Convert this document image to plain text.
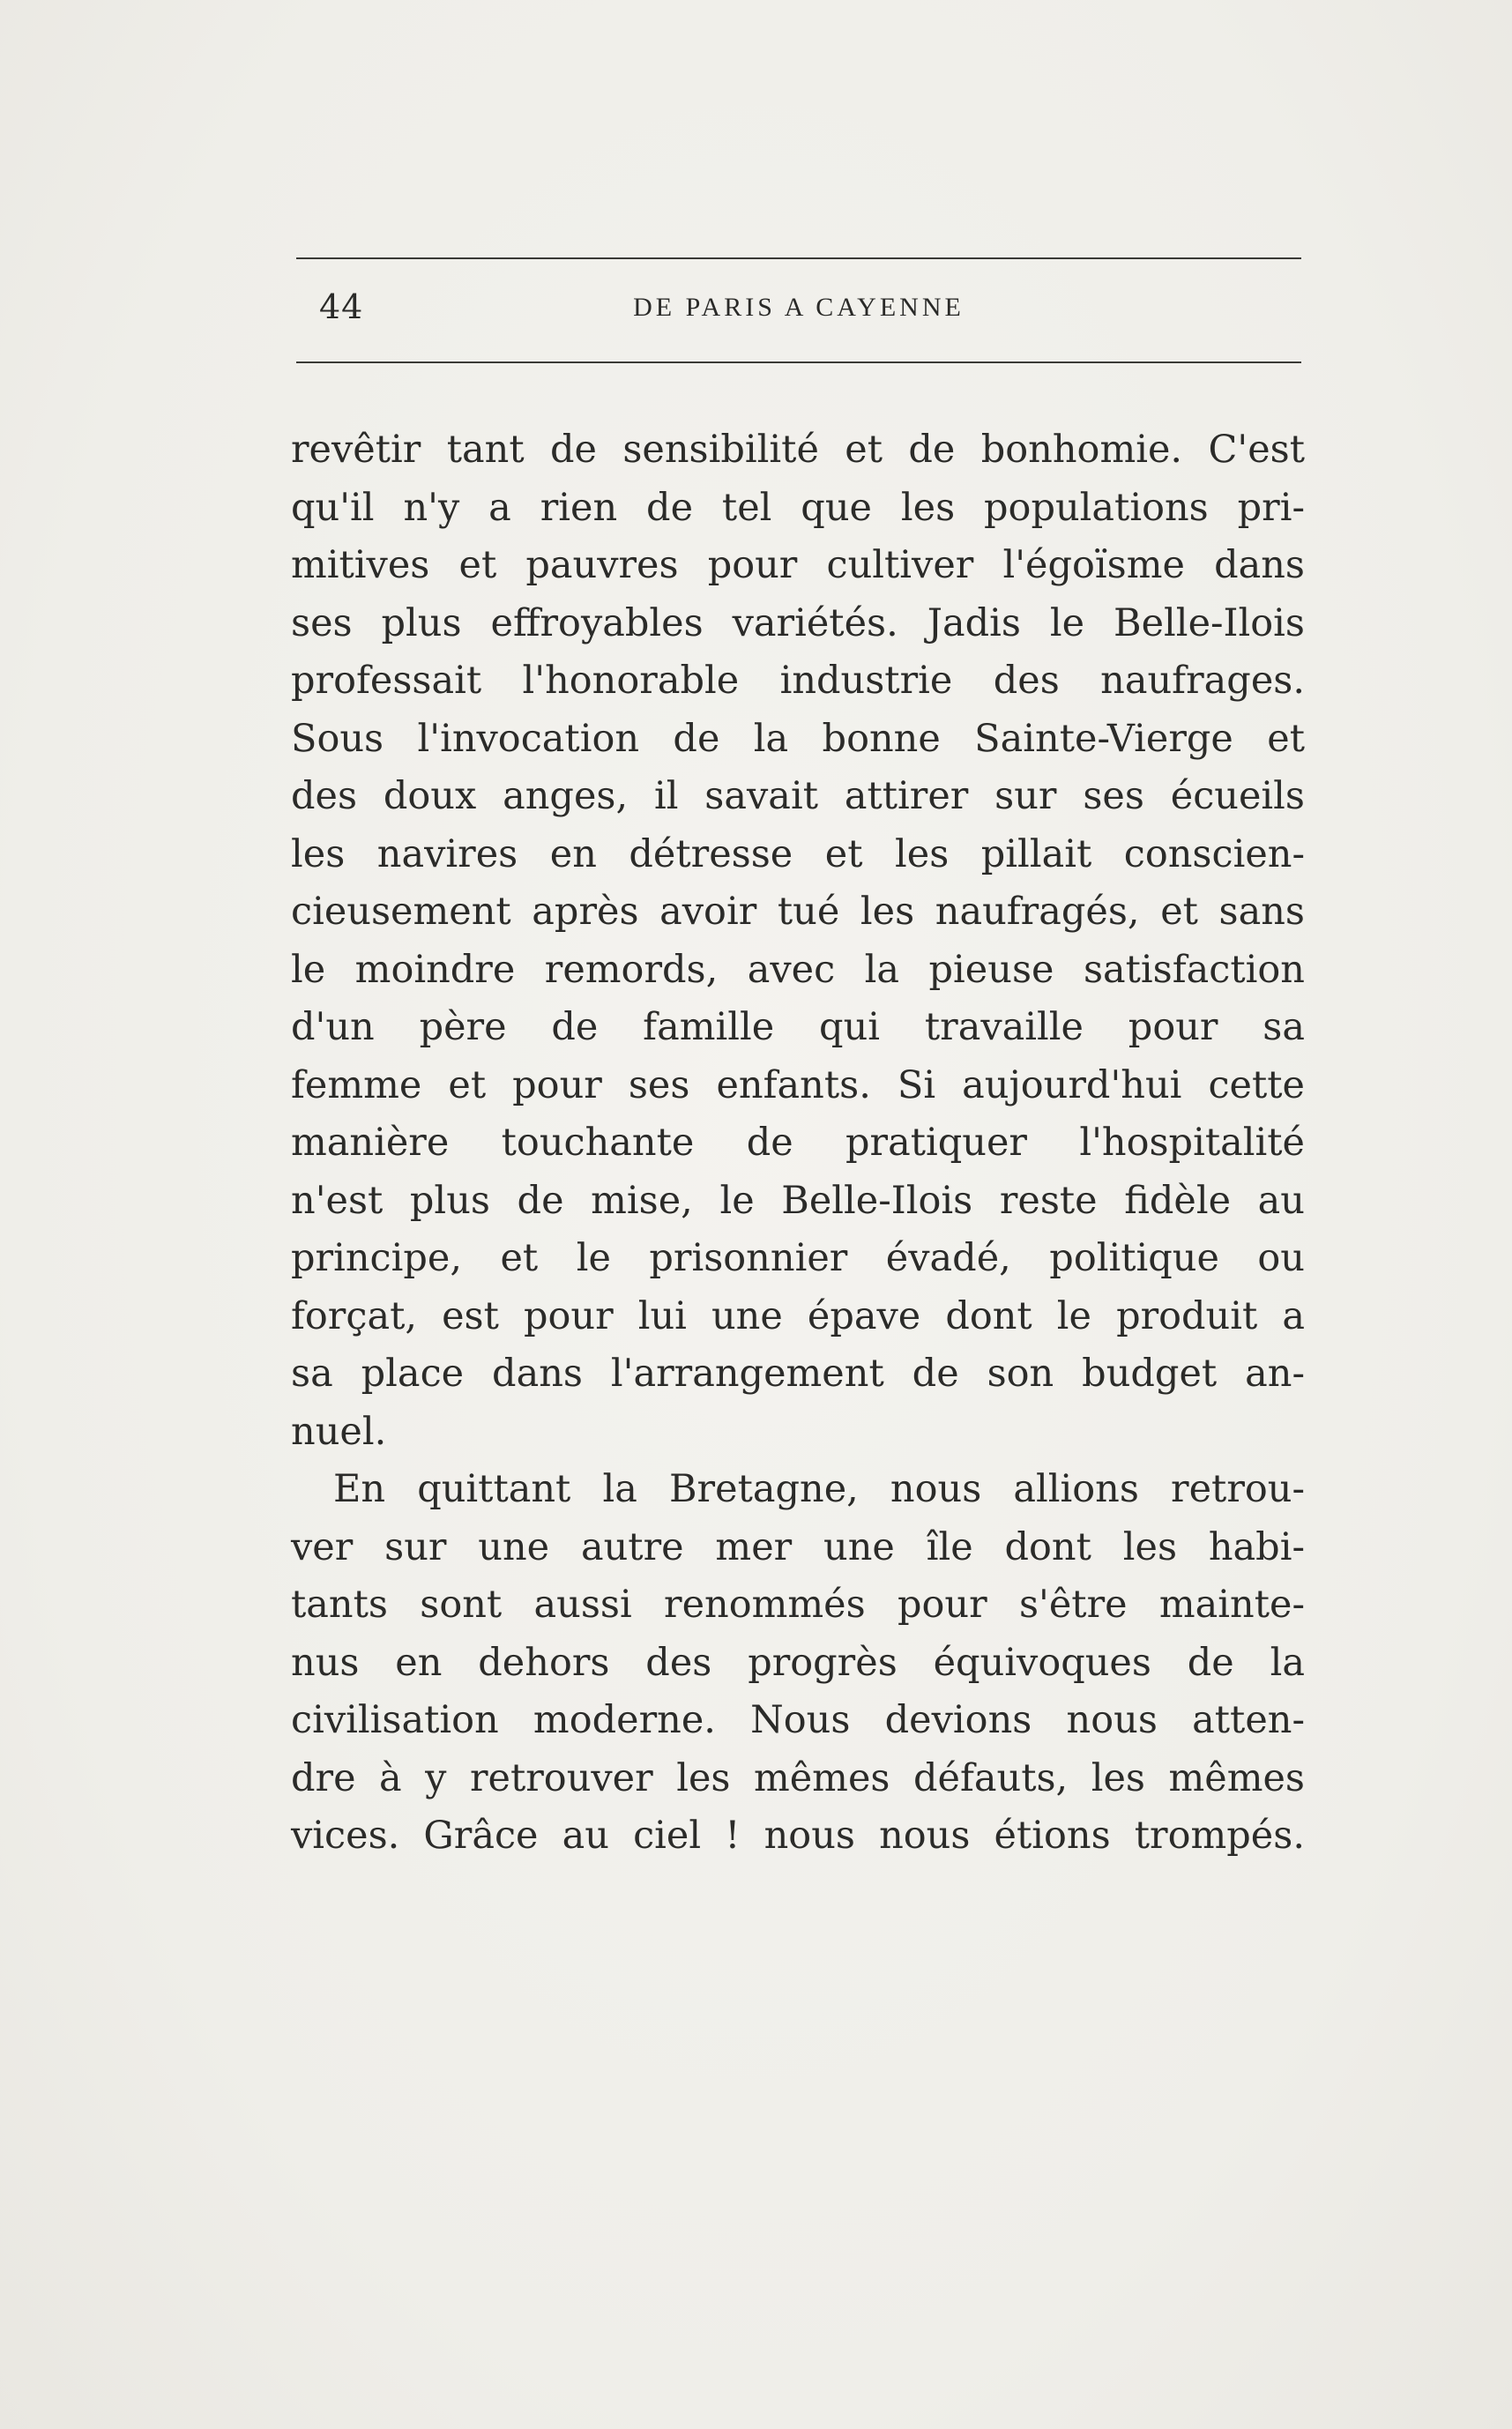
44	DE PARIS A CAYENNE
revêtir tant de sensibilité et de bonhomie. C'est
qu'il n'y a rien de tel que les populations pri-
mitives et pauvres pour cultiver l'égoïsme dans
ses plus effroyables variétés. Jadis le Belle-Ilois
professait l'honorable industrie des naufrages.
Sous l'invocation de la bonne Sainte-Vierge et
des doux anges, il savait attirer sur ses écueils
les navires en détresse et les pillait conscien-
cieusement après avoir tué les naufragés, et sans
le moindre remords, avec la pieuse satisfaction
d'un père de famille qui travaille pour sa
femme et pour ses enfants. Si aujourd'hui cette
manière touchante de pratiquer l'hospitalité
n'est plus de mise, le Belle-Ilois reste fidèle au
principe, et le prisonnier évadé, politique ou
forçat, est pour lui une épave dont le produit a
sa place dans l'arrangement de son budget an-
nuel.
En quittant la Bretagne, nous allions retrou-
ver sur une autre mer une île dont les habi-
tants sont aussi renommés pour s'être mainte-
nus en dehors des progrès équivoques de la
civilisation moderne. Nous devions nous atten-
dre à y retrouver les mêmes défauts, les mêmes
vices. Grâce au ciel ! nous nous étions trompés.
